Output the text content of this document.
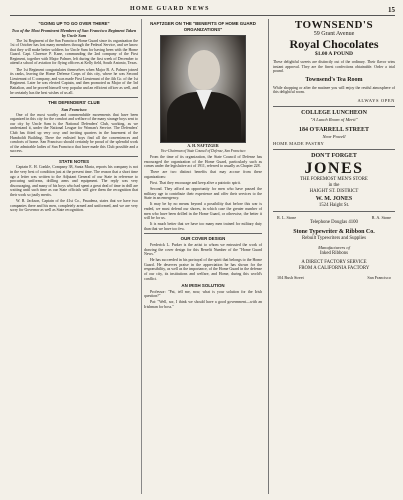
HOME GUARD NEWS	15
"GOING UP TO GO OVER THERE"
Two of the Most Prominent Members of San Francisco Regiment Taken by Uncle Sam

The 1st Regiment of the San Francisco Home Guard since its organization the 1st of October has lost many members through the Federal Service, and we know that they will make better soldiers for Uncle Sam for having been with the Home Guard. Capt. Clarence P. Kane, commanding the 2nd company of the First Regiment, together with Major Palmer, left during the first week of December to attend a school of aviation for flying officers at Kelly field, South Antonio, Texas.

The 1st Regiment congratulates themselves when Major B. A. Palmer joined its ranks, leaving the Home Defense Corps of this city, where he was Second Lieutenant of C company, and was made First Lieutenant of the 4th Co. of the 1st Regiment. Later he was elected Captain, and then promoted as Major of the 3rd Battalion, and he proved himself very popular and an efficient officer as well, and he certainly has the best wishes of us all.

THE DEFENDERS' CLUB
San Francisco

One of the most worthy and commendable movements that have been organized in this city for the comfort and welfare of the many strange boys sent to our city by Uncle Sam is the National Defenders' Club, working, as we understand it, under the National League for Woman's Service. The Defenders' Club has fitted up very cosy and inviting quarters in the basement of the Humboldt Building. There the enlisted boys find all the conveniences and comforts of home. San Francisco should certainly be proud of the splendid work of the admirable ladies of San Francisco that have made this Club possible and a success.

STATE NOTES

Captain E. H. Conkle, Company 38, Santa Maria, reports his company is not in the very best of condition just at the present time. The reason that a short time ago a letter was written to the Adjutant General of our State in reference to procuring uniforms, drilling arms and equipment. The reply was very discouraging, and many of his boys who had spent a great deal of time in drill are waiting until such time as our State officials will give them the recognition that their work so justly merits.

W. R. Jackson, Captain of the 41st Co., Pasadena, states that we have two companies there and his men, completely armed and uniformed, and we are very sorry for Governor as well as State recognition.

NAFTZGER ON THE "BENEFITS OF HOME GUARD ORGANIZATIONS"
A. H. NAFTZGER
Vice-Chairman of State Council of Defense, San Francisco

From the time of its organization, the State Council of Defense has encouraged the organization of the Home Guard, particularly such as comes under the legislative act of 1911, referred to usually as Chapter 228.

There are two distinct benefits that may accrue from these organizations:

First. That they encourage and keep alive a patriotic spirit.

Second. They afford an opportunity for men who have passed the military age to contribute their experience and offer their services to the State in an emergency.

It may be by no means beyond a possibility that before this war is ended, we must defend our shores, in which case the greater number of men who have been drilled in the Home Guard, or otherwise, the better it will be for us.

It is much better that we have too many men trained for military duty than that we have too few.

OUR COVER DESIGN

Frederick L. Parker is the artist to whom we entrusted the work of drawing the cover design for this Benefit Number of the "Home Guard News."

He has succeeded in his portrayal of the spirit that belongs to the Home Guard. He deserves praise in the appreciation he has shown for the responsibility, as well as the importance, of the Home Guard in the defense of our city, its institutions and welfare, and Home, during this world's conflict.

AN IRISH SOLUTION

Professor: "Pat, tell me, now, what is your solution for the Irish question?"

Pat: "Well, sor, I think we should have a good government—with an Irishman for boss."

TOWNSEND'S
59 Grant Avenue
Royal Chocolates
$1.00 A POUND

These delightful sweets are distinctly out of the ordinary. Their flavor wins instant approval. They are the finest confections obtainable. Order a trial pound.

Townsend's Tea Room

While shopping or after the matinee you will enjoy the restful atmosphere of this delightful room.

ALWAYS OPEN
COLLEGE LUNCHEON
"A Lunch Room of Merit"
184 O'FARRELL STREET
Near Powell
HOME MADE PASTRY
DON'T FORGET
JONES
THE FOREMOST MEN'S STORE
in the
HAIGHT ST. DISTRICT
W. M. JONES
1524 Haight St.
R. L. Stone	R. A. Stone
Telephone Douglas 4100
Stone Typewriter & Ribbon Co.
Rebuilt Typewriters and Supplies
Manufacturers of
Inked Ribbons
A DIRECT FACTORY SERVICE
FROM A CALIFORNIA FACTORY
104 Bush Street	San Francisco
